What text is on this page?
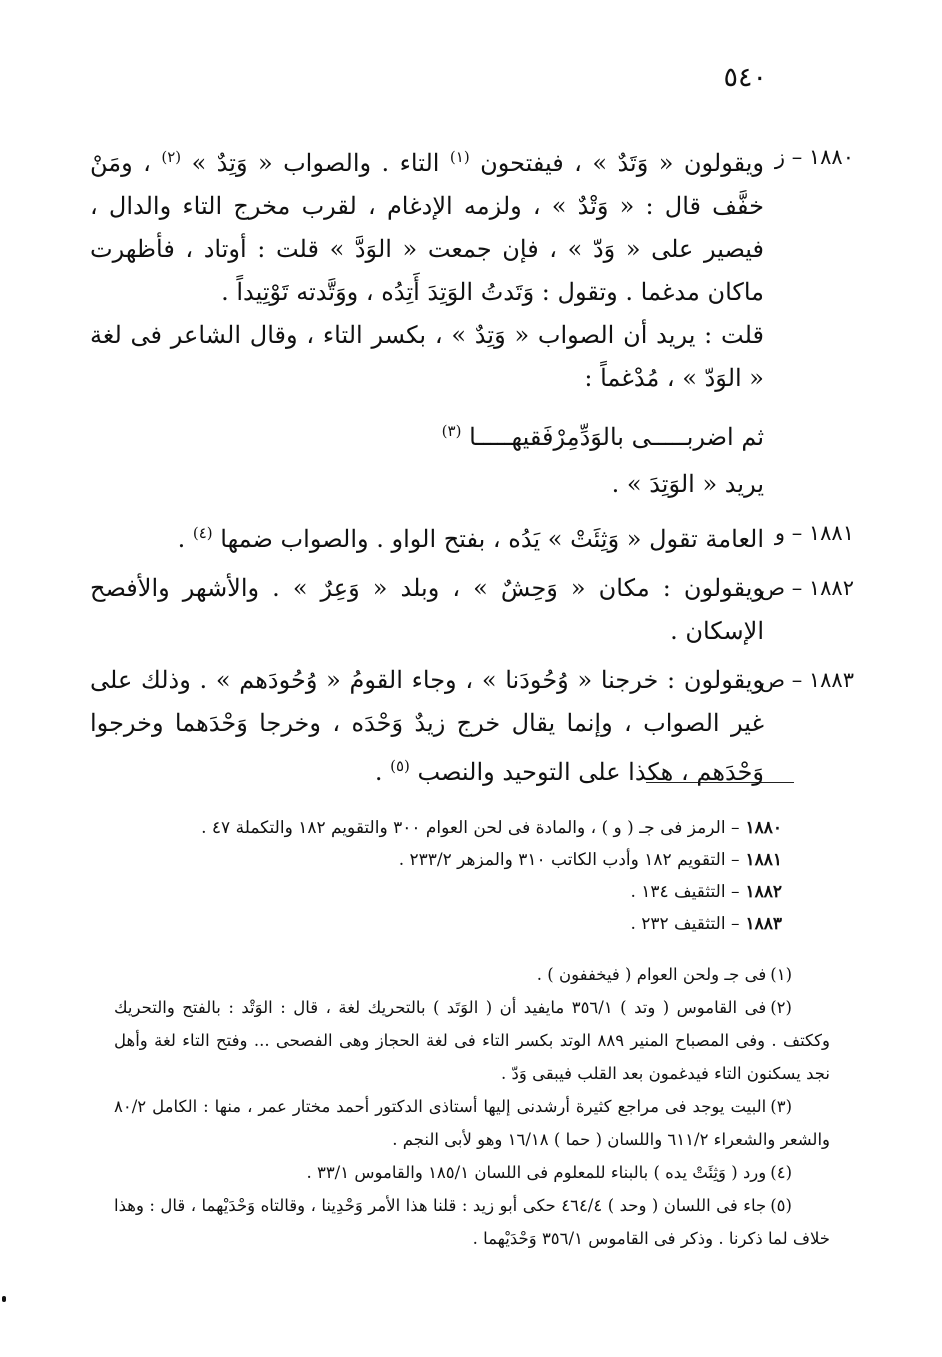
٥٤٠
١٨٨٠ – ز

ويقولون « وَتَدٌ » ، فيفتحون $^{(١)}$ التاء . والصواب « وَتِدٌ » $^{(٢)}$ ، ومَنْ خفَّف قال : « وَتْدٌ » ، ولزمه الإدغام ، لقرب مخرج التاء والدال ، فيصير على « وَدّ » ، فإن جمعت « الوَدَّ » قلت : أوتاد ، فأظهرت ماكان مدغما . وتقول : وَتَدتُ الوَتِدَ أَتِدُه ، ووَتَّدته تَوْتِيداً .

قلت : يريد أن الصواب « وَتِدٌ » ، بكسر التاء ، وقال الشاعر فى لغة « الوَدّ » ، مُدْغماً :

ثم اضربـــــى بالوَدِّمِرْفَقيهـــــا $^{(٣)}$

يريد « الوَتِدَ » .

١٨٨١ – و

العامة تقول « وَثِئَتْ » يَدُه ، بفتح الواو . والصواب ضمها $^{(٤)}$ .

١٨٨٢ – ص

ويقولون : مكان « وَحِشٌ » ، وبلد « وَعِرٌ » . والأشهر والأفصح الإسكان .

١٨٨٣ – ص

ويقولون : خرجنا « وُحُودَنا » ، وجاء القومُ « وُحُودَهم » . وذلك على غير الصواب ، وإنما يقال خرج زيدٌ وَحْدَه ، وخرجا وَحْدَهما وخرجوا وَحْدَهم ، هكذا على التوحيد والنصب $^{(٥)}$ .

١٨٨٠– الرمز فى جـ ( و ) ، والمادة فى لحن العوام ٣٠٠ والتقويم ١٨٢ والتكملة ٤٧ .
١٨٨١– التقويم ١٨٢ وأدب الكاتب ٣١٠ والمزهر ٢٣٣/٢ .
١٨٨٢– التثقيف ١٣٤ .
١٨٨٣– التثقيف ٢٣٢ .

(١)فى جـ ولحن العوام ( فيخففون ) .

(٢)فى القاموس ( وتد ) ٣٥٦/١ مايفيد أن ( الوَتَد ) بالتحريك لغة ، قال : الوَتْد : بالفتح والتحريك وككتف . وفى المصباح المنير ٨٨٩ الوتد بكسر التاء فى لغة الحجاز وهى الفصحى ... وفتح التاء لغة وأهل نجد يسكنون التاء فيدغمون بعد القلب فيبقى وَدّ .

(٣)البيت يوجد فى مراجع كثيرة أرشدنى إليها أستاذى الدكتور أحمد مختار عمر ، منها : الكامل ٨٠/٢ والشعر والشعراء ٦١١/٢ واللسان ( حما ) ١٦/١٨ وهو لأبى النجم .

(٤)ورد ( وَثِئَتْ يده ) بالبناء للمعلوم فى اللسان ١٨٥/١ والقاموس ٣٣/١ .

(٥)جاء فى اللسان ( وحد ) ٤٦٤/٤ حكى أبو زيد : قلنا هذا الأمر وَحْدِينا ، وقالتاه وَحْدَيْهما ، قال : وهذا خلاف لما ذكرنا . وذكر فى القاموس ٣٥٦/١ وَحْدَيْهما .
